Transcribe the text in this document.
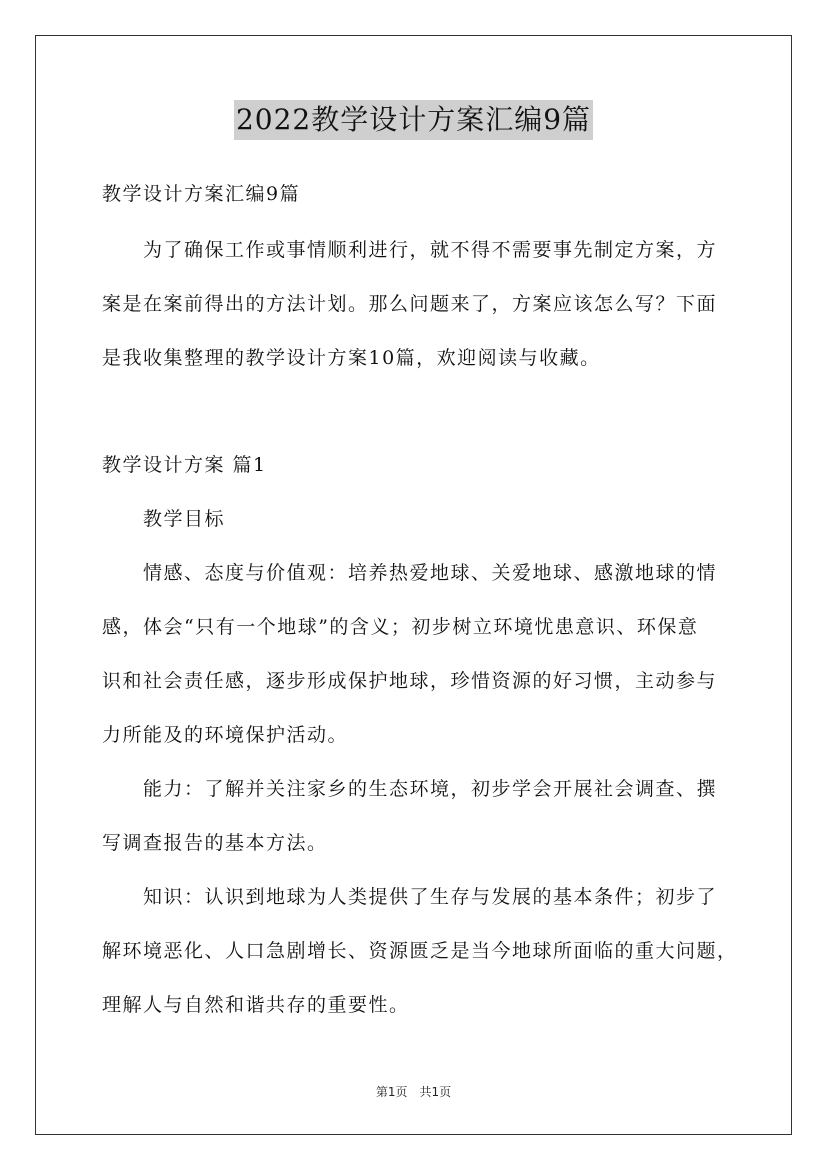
2022教学设计方案汇编9篇
教学设计方案汇编9篇
为了确保工作或事情顺利进行，就不得不需要事先制定方案，方
案是在案前得出的方法计划。那么问题来了，方案应该怎么写？下面
是我收集整理的教学设计方案10篇，欢迎阅读与收藏。
教学设计方案 篇1
教学目标
情感、态度与价值观：培养热爱地球、关爱地球、感激地球的情
感，体会“只有一个地球”的含义；初步树立环境忧患意识、环保意
识和社会责任感，逐步形成保护地球，珍惜资源的好习惯，主动参与
力所能及的环境保护活动。
能力：了解并关注家乡的生态环境，初步学会开展社会调查、撰
写调查报告的基本方法。
知识：认识到地球为人类提供了生存与发展的基本条件；初步了
解环境恶化、人口急剧增长、资源匮乏是当今地球所面临的重大问题，
理解人与自然和谐共存的重要性。
第1页　共1页
